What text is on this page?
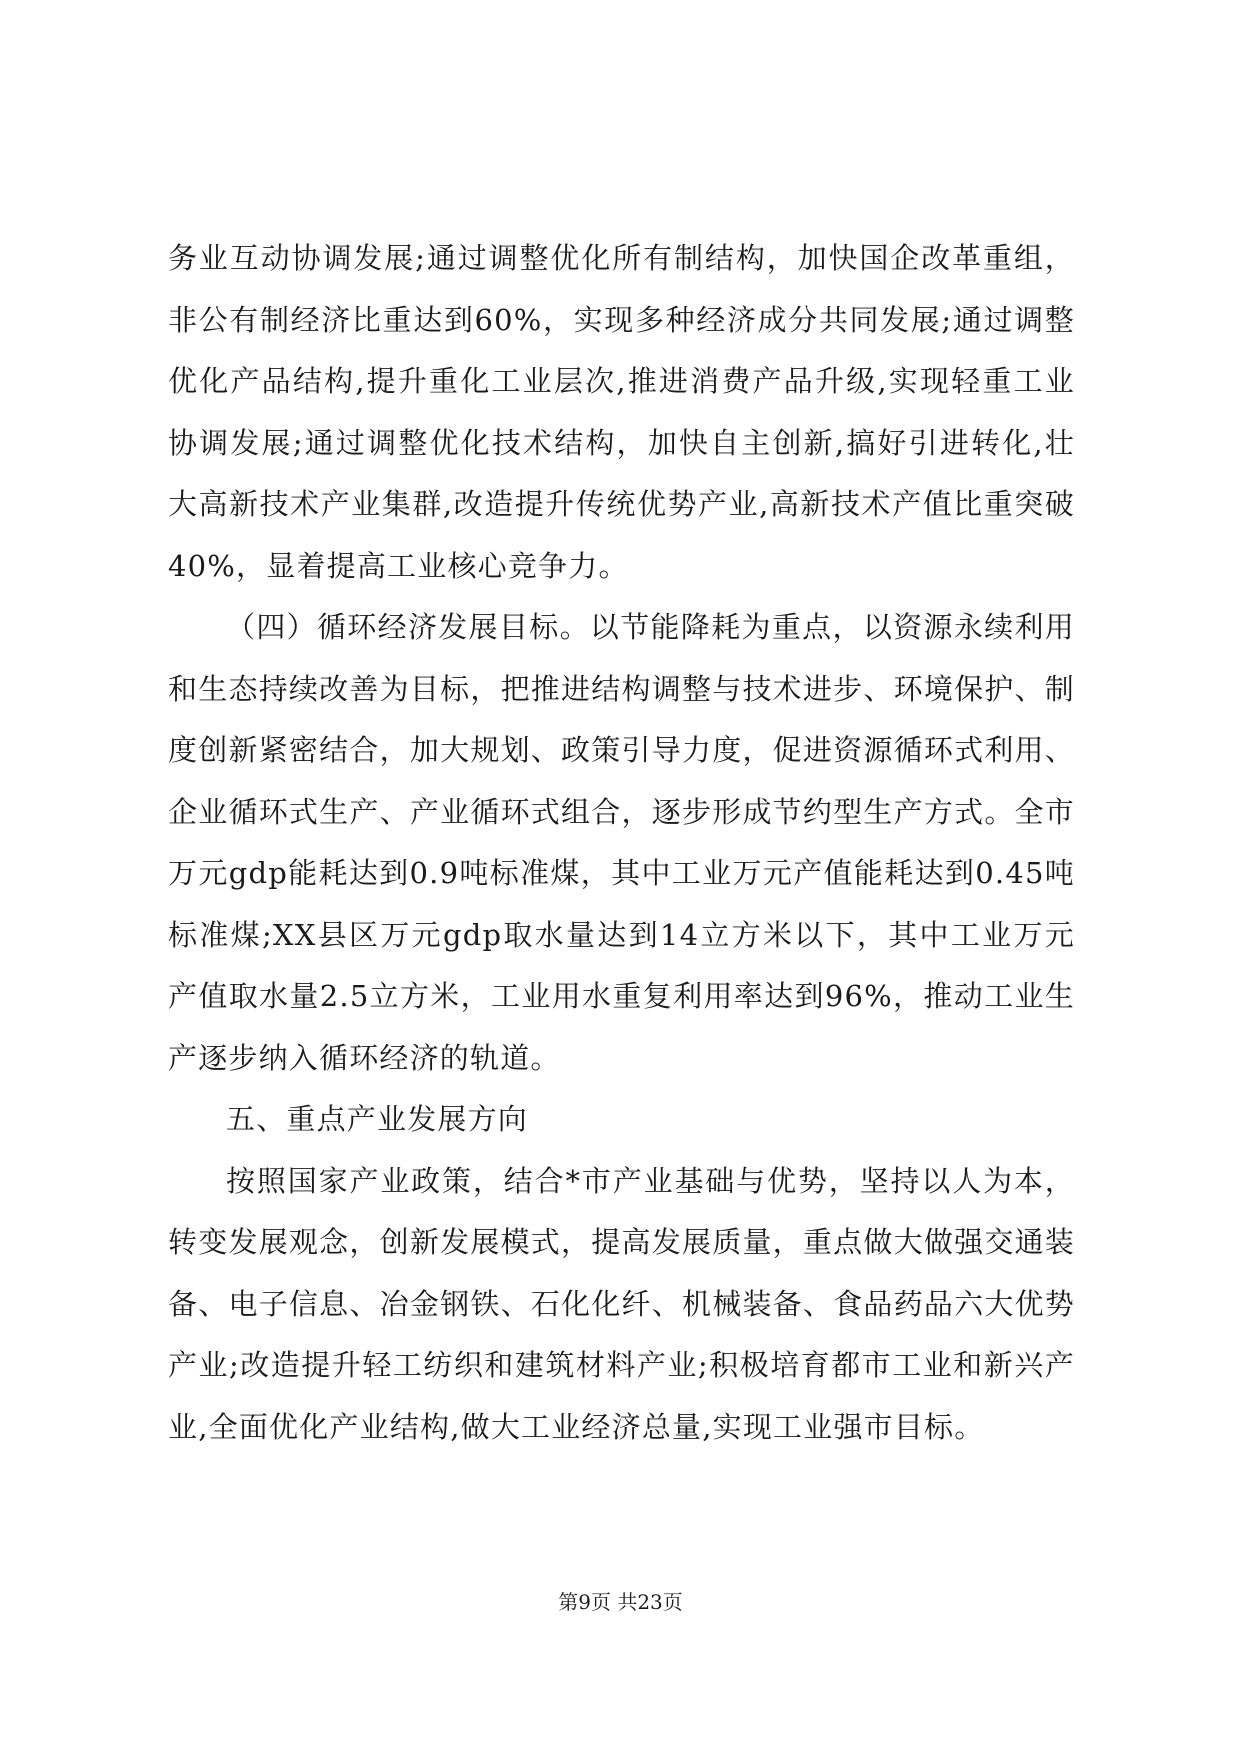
务业互动协调发展;通过调整优化所有制结构，加快国企改革重组，非公有制经济比重达到60%，实现多种经济成分共同发展;通过调整优化产品结构,提升重化工业层次,推进消费产品升级,实现轻重工业协调发展;通过调整优化技术结构，加快自主创新,搞好引进转化,壮大高新技术产业集群,改造提升传统优势产业,高新技术产值比重突破40%，显着提高工业核心竞争力。

（四）循环经济发展目标。以节能降耗为重点，以资源永续利用和生态持续改善为目标，把推进结构调整与技术进步、环境保护、制度创新紧密结合，加大规划、政策引导力度，促进资源循环式利用、企业循环式生产、产业循环式组合，逐步形成节约型生产方式。全市万元gdp能耗达到0.9吨标准煤，其中工业万元产值能耗达到0.45吨标准煤;XX县区万元gdp取水量达到14立方米以下，其中工业万元产值取水量2.5立方米，工业用水重复利用率达到96%，推动工业生产逐步纳入循环经济的轨道。

五、重点产业发展方向

按照国家产业政策，结合*市产业基础与优势，坚持以人为本，转变发展观念，创新发展模式，提高发展质量，重点做大做强交通装备、电子信息、冶金钢铁、石化化纤、机械装备、食品药品六大优势产业;改造提升轻工纺织和建筑材料产业;积极培育都市工业和新兴产业,全面优化产业结构,做大工业经济总量,实现工业强市目标。

第9页 共23页
